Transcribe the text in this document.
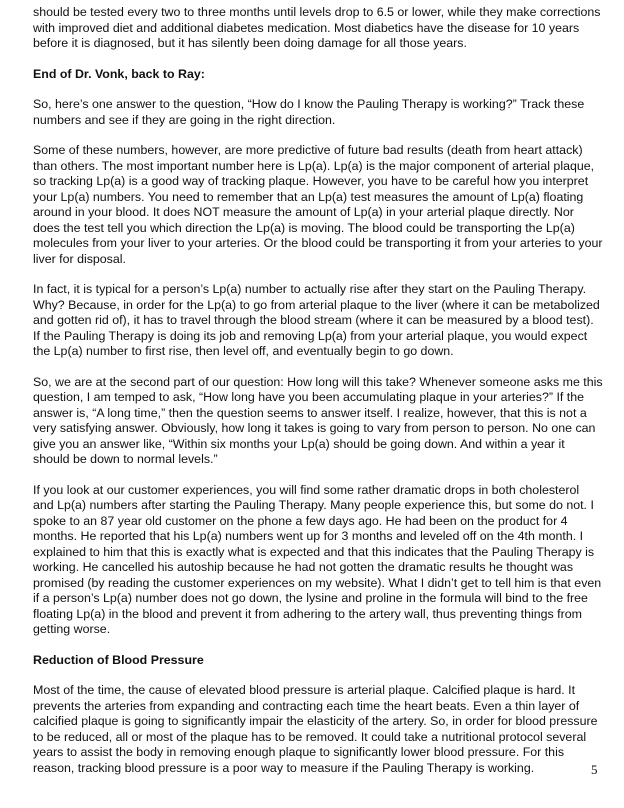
should be tested every two to three months until levels drop to 6.5 or lower, while they make corrections with improved diet and additional diabetes medication. Most diabetics have the disease for 10 years before it is diagnosed, but it has silently been doing damage for all those years.

End of Dr. Vonk, back to Ray:

So, here’s one answer to the question, “How do I know the Pauling Therapy is working?” Track these numbers and see if they are going in the right direction.

Some of these numbers, however, are more predictive of future bad results (death from heart attack) than others. The most important number here is Lp(a). Lp(a) is the major component of arterial plaque, so tracking Lp(a) is a good way of tracking plaque. However, you have to be careful how you interpret your Lp(a) numbers. You need to remember that an Lp(a) test measures the amount of Lp(a) floating around in your blood. It does NOT measure the amount of Lp(a) in your arterial plaque directly. Nor does the test tell you which direction the Lp(a) is moving. The blood could be transporting the Lp(a) molecules from your liver to your arteries. Or the blood could be transporting it from your arteries to your liver for disposal.

In fact, it is typical for a person’s Lp(a) number to actually rise after they start on the Pauling Therapy. Why? Because, in order for the Lp(a) to go from arterial plaque to the liver (where it can be metabolized and gotten rid of), it has to travel through the blood stream (where it can be measured by a blood test). If the Pauling Therapy is doing its job and removing Lp(a) from your arterial plaque, you would expect the Lp(a) number to first rise, then level off, and eventually begin to go down.

So, we are at the second part of our question: How long will this take? Whenever someone asks me this question, I am temped to ask, “How long have you been accumulating plaque in your arteries?” If the answer is, “A long time,” then the question seems to answer itself. I realize, however, that this is not a very satisfying answer. Obviously, how long it takes is going to vary from person to person. No one can give you an answer like, “Within six months your Lp(a) should be going down. And within a year it should be down to normal levels.”

If you look at our customer experiences, you will find some rather dramatic drops in both cholesterol and Lp(a) numbers after starting the Pauling Therapy. Many people experience this, but some do not. I spoke to an 87 year old customer on the phone a few days ago. He had been on the product for 4 months. He reported that his Lp(a) numbers went up for 3 months and leveled off on the 4th month. I explained to him that this is exactly what is expected and that this indicates that the Pauling Therapy is working. He cancelled his autoship because he had not gotten the dramatic results he thought was promised (by reading the customer experiences on my website). What I didn’t get to tell him is that even if a person’s Lp(a) number does not go down, the lysine and proline in the formula will bind to the free floating Lp(a) in the blood and prevent it from adhering to the artery wall, thus preventing things from getting worse.

Reduction of Blood Pressure

Most of the time, the cause of elevated blood pressure is arterial plaque. Calcified plaque is hard. It prevents the arteries from expanding and contracting each time the heart beats. Even a thin layer of calcified plaque is going to significantly impair the elasticity of the artery. So, in order for blood pressure to be reduced, all or most of the plaque has to be removed. It could take a nutritional protocol several years to assist the body in removing enough plaque to significantly lower blood pressure. For this reason, tracking blood pressure is a poor way to measure if the Pauling Therapy is working.	5
